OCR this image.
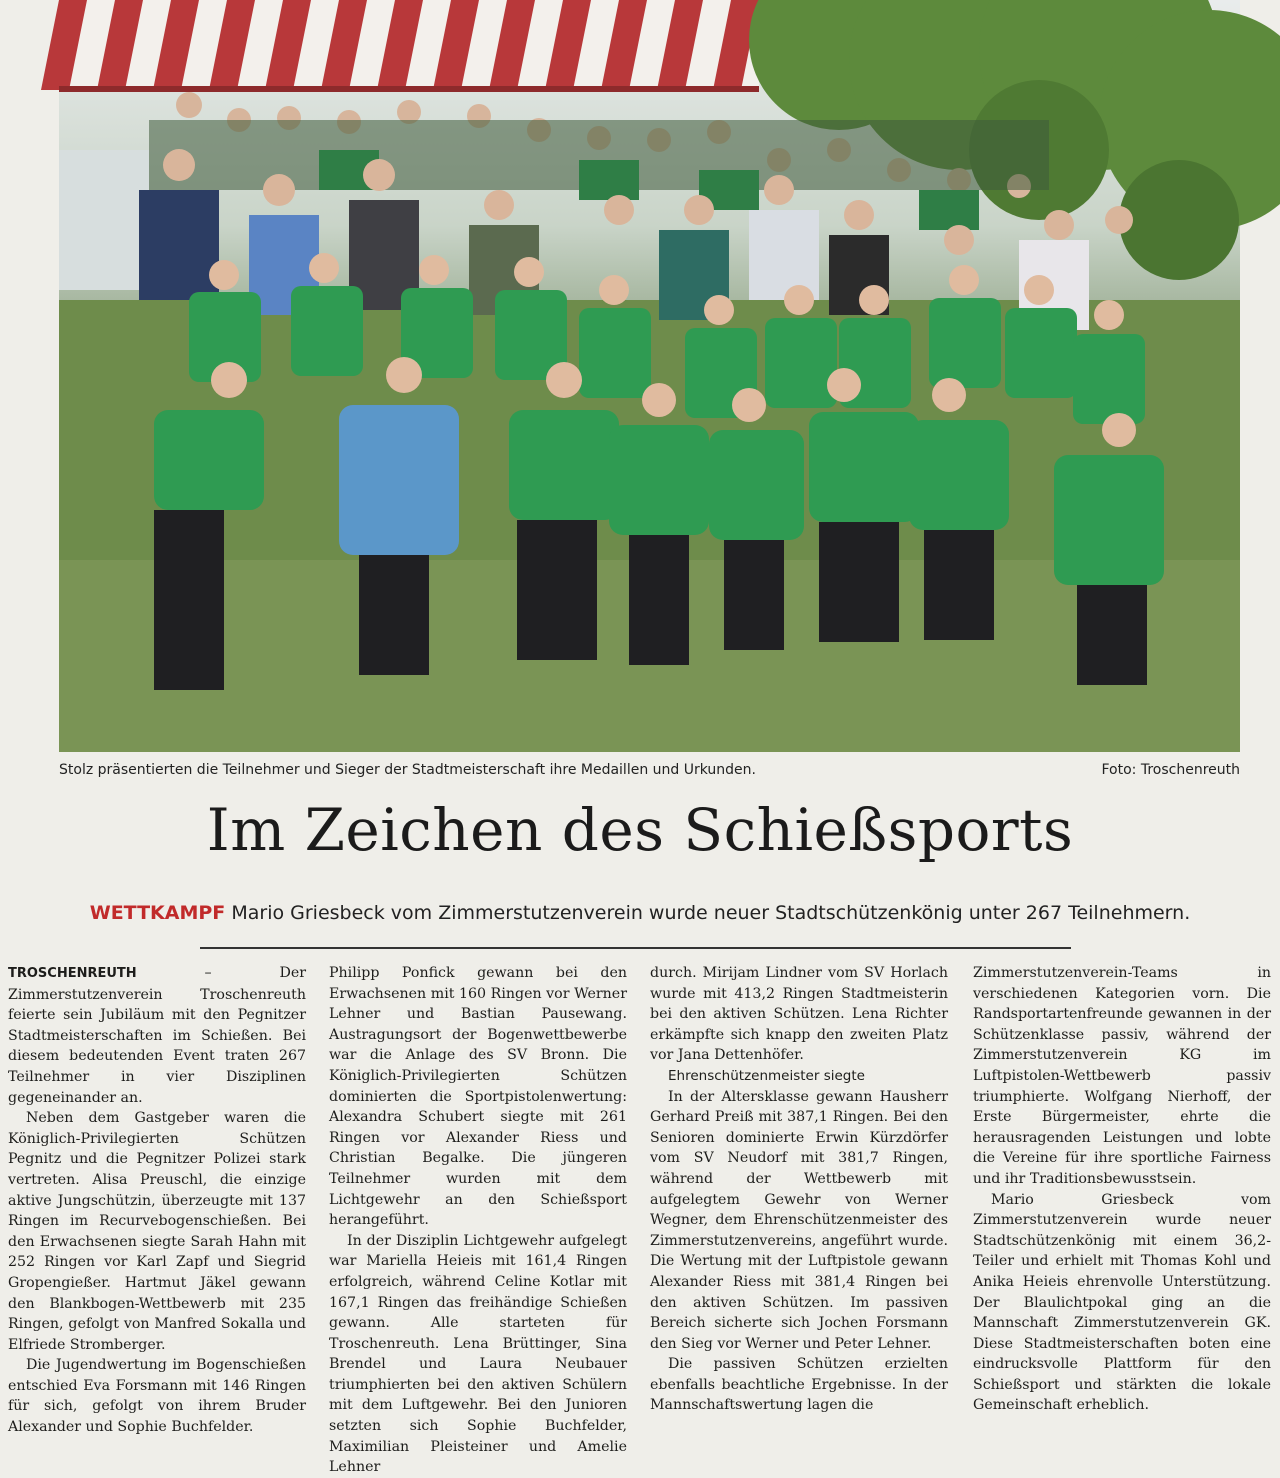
Stolz präsentierten die Teilnehmer und Sieger der Stadtmeisterschaft ihre Medaillen und Urkunden.	Foto: Troschenreuth
Im Zeichen des Schießsports
WETTKAMPF Mario Griesbeck vom Zimmerstutzenverein wurde neuer Stadtschützenkönig unter 267 Teilnehmern.

TROSCHENREUTH	– Der Zimmerstutzenverein Troschenreuth feierte sein Jubiläum mit den Pegnitzer Stadtmeisterschaften im Schießen. Bei diesem bedeutenden Event traten 267 Teilnehmer in vier Disziplinen gegeneinander an.

Neben dem Gastgeber waren die Königlich-Privilegierten Schützen Pegnitz und die Pegnitzer Polizei stark vertreten. Alisa Preuschl, die einzige aktive Jungschützin, überzeugte mit 137 Ringen im Recurvebogenschießen. Bei den Erwachsenen siegte Sarah Hahn mit 252 Ringen vor Karl Zapf und Siegrid Gropengießer. Hartmut Jäkel gewann den Blankbogen-Wettbewerb mit 235 Ringen, gefolgt von Manfred Sokalla und Elfriede Stromberger.

Die Jugendwertung im Bogenschießen entschied Eva Forsmann mit 146 Ringen für sich, gefolgt von ihrem Bruder Alexander und Sophie Buchfelder.

Philipp Ponfick gewann bei den Erwachsenen mit 160 Ringen vor Werner Lehner und Bastian Pausewang. Austragungsort der Bogenwettbewerbe war die Anlage des SV Bronn. Die Königlich-Privilegierten Schützen dominierten die Sportpistolenwertung: Alexandra Schubert siegte mit 261 Ringen vor Alexander Riess und Christian Begalke. Die jüngeren Teilnehmer wurden mit dem Lichtgewehr an den Schießsport herangeführt.

In der Disziplin Lichtgewehr aufgelegt war Mariella Heieis mit 161,4 Ringen erfolgreich, während Celine Kotlar mit 167,1 Ringen das freihändige Schießen gewann. Alle starteten für Troschenreuth. Lena Brüttinger, Sina Brendel und Laura Neubauer triumphierten bei den aktiven Schülern mit dem Luftgewehr. Bei den Junioren setzten sich Sophie Buchfelder, Maximilian Pleisteiner und Amelie Lehner

durch. Mirijam Lindner vom SV Horlach wurde mit 413,2 Ringen Stadtmeisterin bei den aktiven Schützen. Lena Richter erkämpfte sich knapp den zweiten Platz vor Jana Dettenhöfer.

Ehrenschützenmeister siegte

In der Altersklasse gewann Hausherr Gerhard Preiß mit 387,1 Ringen. Bei den Senioren dominierte Erwin Kürzdörfer vom SV Neudorf mit 381,7 Ringen, während der Wettbewerb mit aufgelegtem Gewehr von Werner Wegner, dem Ehrenschützenmeister des Zimmerstutzenvereins, angeführt wurde. Die Wertung mit der Luftpistole gewann Alexander Riess mit 381,4 Ringen bei den aktiven Schützen. Im passiven Bereich sicherte sich Jochen Forsmann den Sieg vor Werner und Peter Lehner.

Die passiven Schützen erzielten ebenfalls beachtliche Ergebnisse. In der Mannschaftswertung lagen die

Zimmerstutzenverein-Teams in verschiedenen Kategorien vorn. Die Randsportartenfreunde gewannen in der Schützenklasse passiv, während der Zimmerstutzenverein KG im Luftpistolen-Wettbewerb passiv triumphierte. Wolfgang Nierhoff, der Erste Bürgermeister, ehrte die herausragenden Leistungen und lobte die Vereine für ihre sportliche Fairness und ihr Traditionsbewusstsein.

Mario Griesbeck vom Zimmerstutzenverein wurde neuer Stadtschützenkönig mit einem 36,2-Teiler und erhielt mit Thomas Kohl und Anika Heieis ehrenvolle Unterstützung. Der Blaulichtpokal ging an die Mannschaft Zimmerstutzenverein GK. Diese Stadtmeisterschaften boten eine eindrucksvolle Plattform für den Schießsport und stärkten die lokale Gemeinschaft erheblich.
